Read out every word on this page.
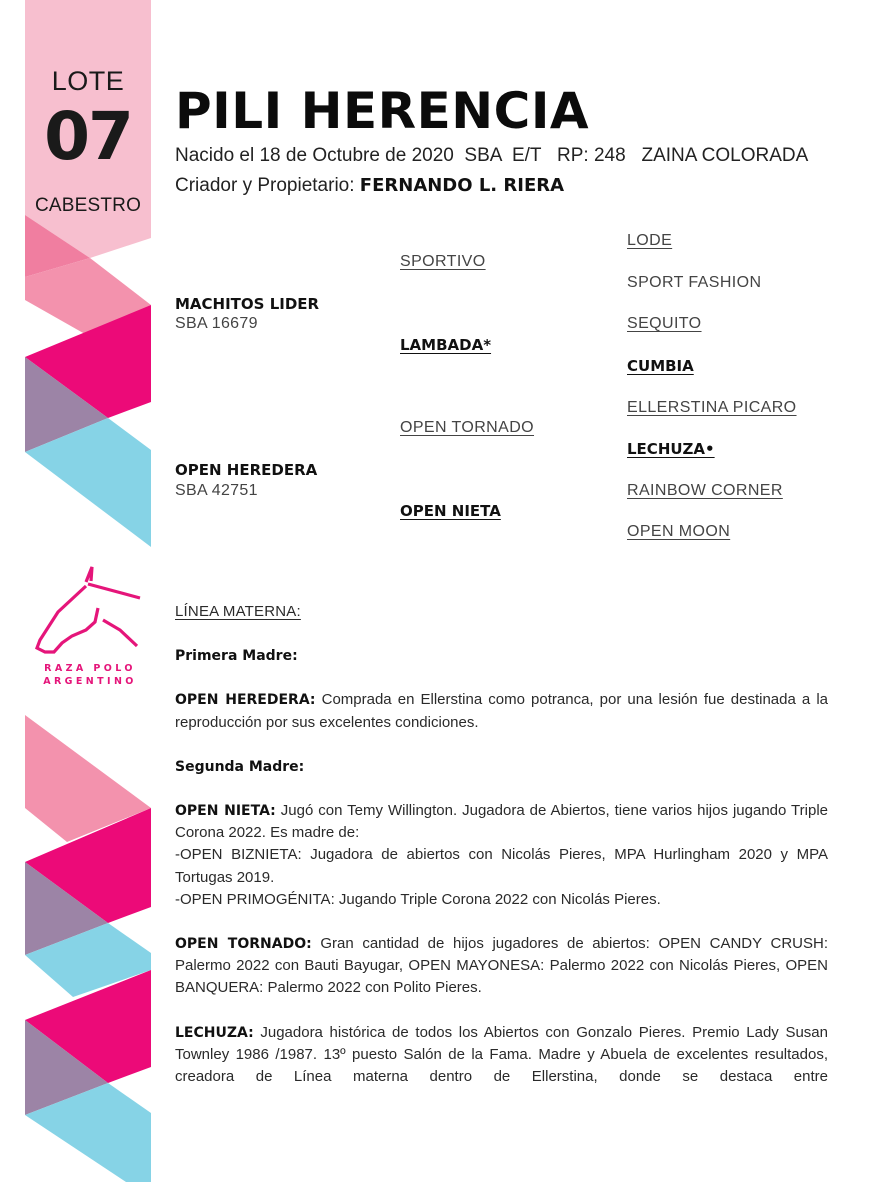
LOTE
07
CABESTRO
RAZA POLO
ARGENTINO
PILI HERENCIA
Nacido el 18 de Octubre de 2020  SBA  E/T   RP: 248   ZAINA COLORADA
Criador y Propietario: FERNANDO L. RIERA
MACHITOS LIDER
SBA 16679
OPEN HEREDERA
SBA 42751
SPORTIVO
LAMBADA*
OPEN TORNADO
OPEN NIETA
LODE
SPORT FASHION
SEQUITO
CUMBIA
ELLERSTINA PICARO
LECHUZA•
RAINBOW CORNER
OPEN MOON

LÍNEA MATERNA:

Primera Madre:

OPEN HEREDERA: Comprada en Ellerstina como potranca, por una lesión fue destinada a la reproducción por sus excelentes condiciones.

Segunda Madre:

OPEN NIETA: Jugó con Temy Willington. Jugadora de Abiertos, tiene varios hijos jugando Triple Corona 2022. Es madre de:

-OPEN BIZNIETA: Jugadora de abiertos con Nicolás Pieres, MPA Hurlingham 2020 y MPA Tortugas 2019.

-OPEN PRIMOGÉNITA: Jugando Triple Corona 2022 con Nicolás Pieres.

OPEN TORNADO: Gran cantidad de hijos jugadores de abiertos: OPEN CANDY CRUSH: Palermo 2022 con Bauti Bayugar, OPEN MAYONESA: Palermo 2022 con Nicolás Pieres, OPEN BANQUERA: Palermo 2022 con Polito Pieres.

LECHUZA: Jugadora histórica de todos los Abiertos con Gonzalo Pieres. Premio Lady Susan Townley 1986 /1987. 13º puesto Salón de la Fama. Madre y Abuela de excelentes resultados, creadora de Línea materna dentro de Ellerstina, donde se destaca entre
